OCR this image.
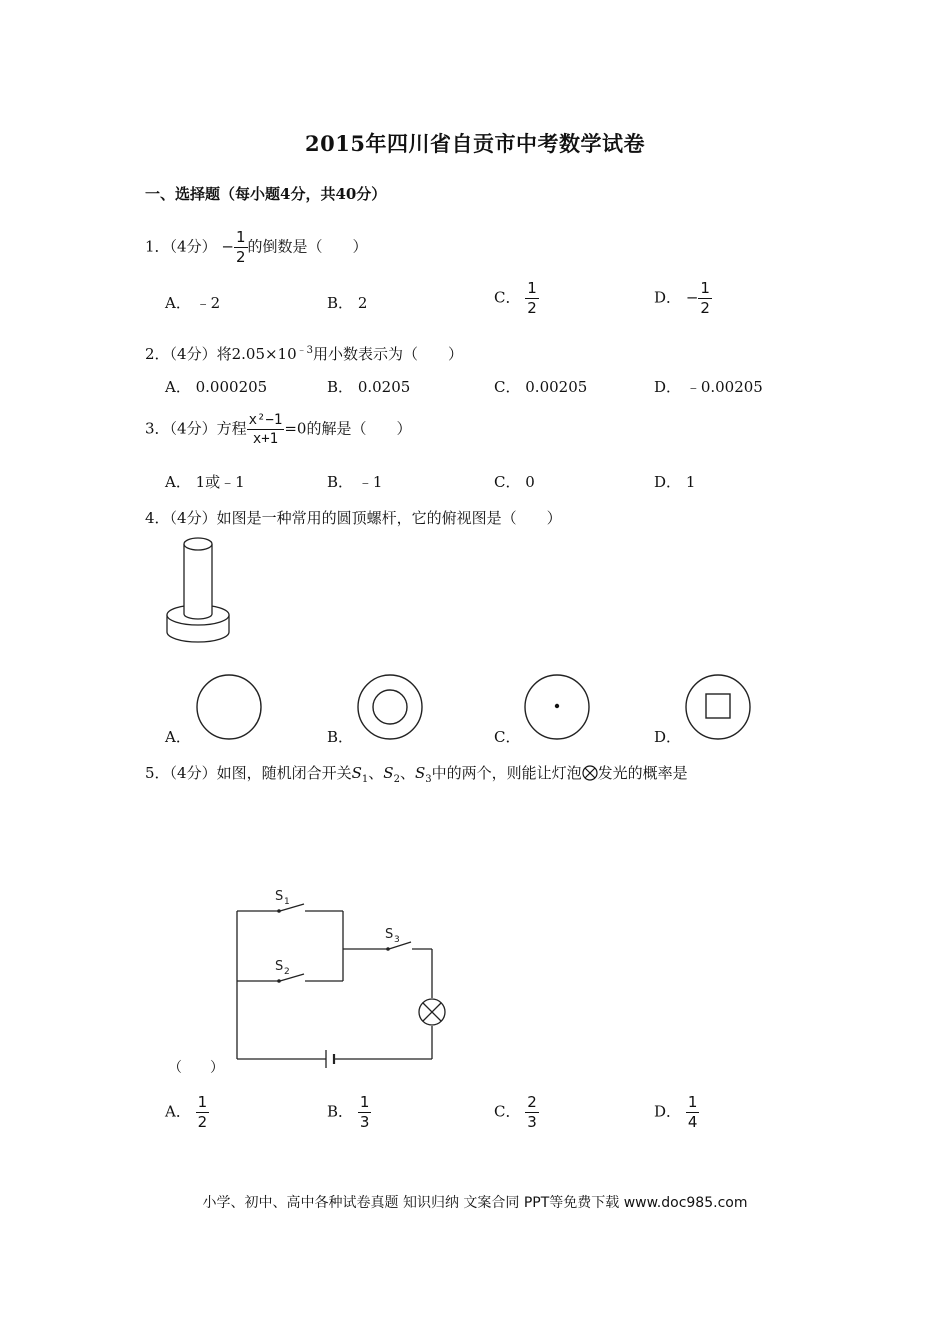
2015年四川省自贡市中考数学试卷
一、选择题（每小题4分，共40分）
1．（4分） − $\frac{1}{2}$ 的倒数是（　　）
A． ﹣2	B． 2	C． $\frac{1}{2}$	D． − $\frac{1}{2}$
2．（4分）将$2.05\times 10^{﹣3}$用小数表示为（　　）
A． 0.000205	B． 0.0205	C． 0.00205	D． ﹣0.00205
3．（4分）方程 $\frac{\text{x²−1}}{x+1} =0$的解是（　　）
A． 1或﹣1	B． ﹣1	C． 0	D． 1
4．（4分）如图是一种常用的圆顶螺杆，它的俯视图是（　　）
A．	B．	C．	D．
5．（4分）如图，随机闭合开关$S_1$、$S_2$、$S_3$中的两个，则能让灯泡 发光的概率是
S 1
S 2
S 3
（　　）
A． $\frac{1}{2}$	B． $\frac{1}{3}$	C． $\frac{2}{3}$	D． $\frac{1}{4}$
小学、初中、高中各种试卷真题 知识归纳 文案合同 PPT等免费下载 www.doc985.com
